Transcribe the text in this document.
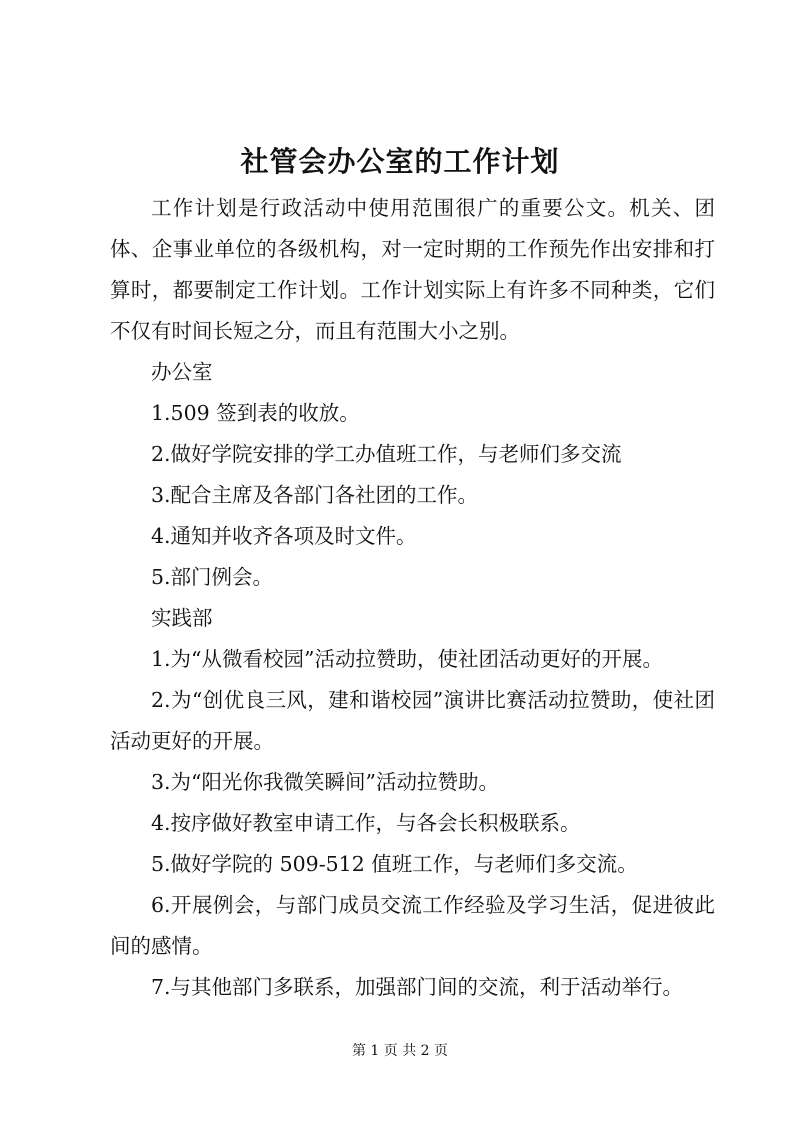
社管会办公室的工作计划

工作计划是行政活动中使用范围很广的重要公文。机关、团体、企事业单位的各级机构，对一定时期的工作预先作出安排和打算时，都要制定工作计划。工作计划实际上有许多不同种类，它们不仅有时间长短之分，而且有范围大小之别。

办公室

1.509 签到表的收放。

2.做好学院安排的学工办值班工作，与老师们多交流

3.配合主席及各部门各社团的工作。

4.通知并收齐各项及时文件。

5.部门例会。

实践部

1.为“从微看校园”活动拉赞助，使社团活动更好的开展。

2.为“创优良三风，建和谐校园”演讲比赛活动拉赞助，使社团活动更好的开展。

3.为“阳光你我微笑瞬间”活动拉赞助。

4.按序做好教室申请工作，与各会长积极联系。

5.做好学院的 509-512 值班工作，与老师们多交流。

6.开展例会，与部门成员交流工作经验及学习生活，促进彼此间的感情。

7.与其他部门多联系，加强部门间的交流，利于活动举行。

第 1 页 共 2 页
